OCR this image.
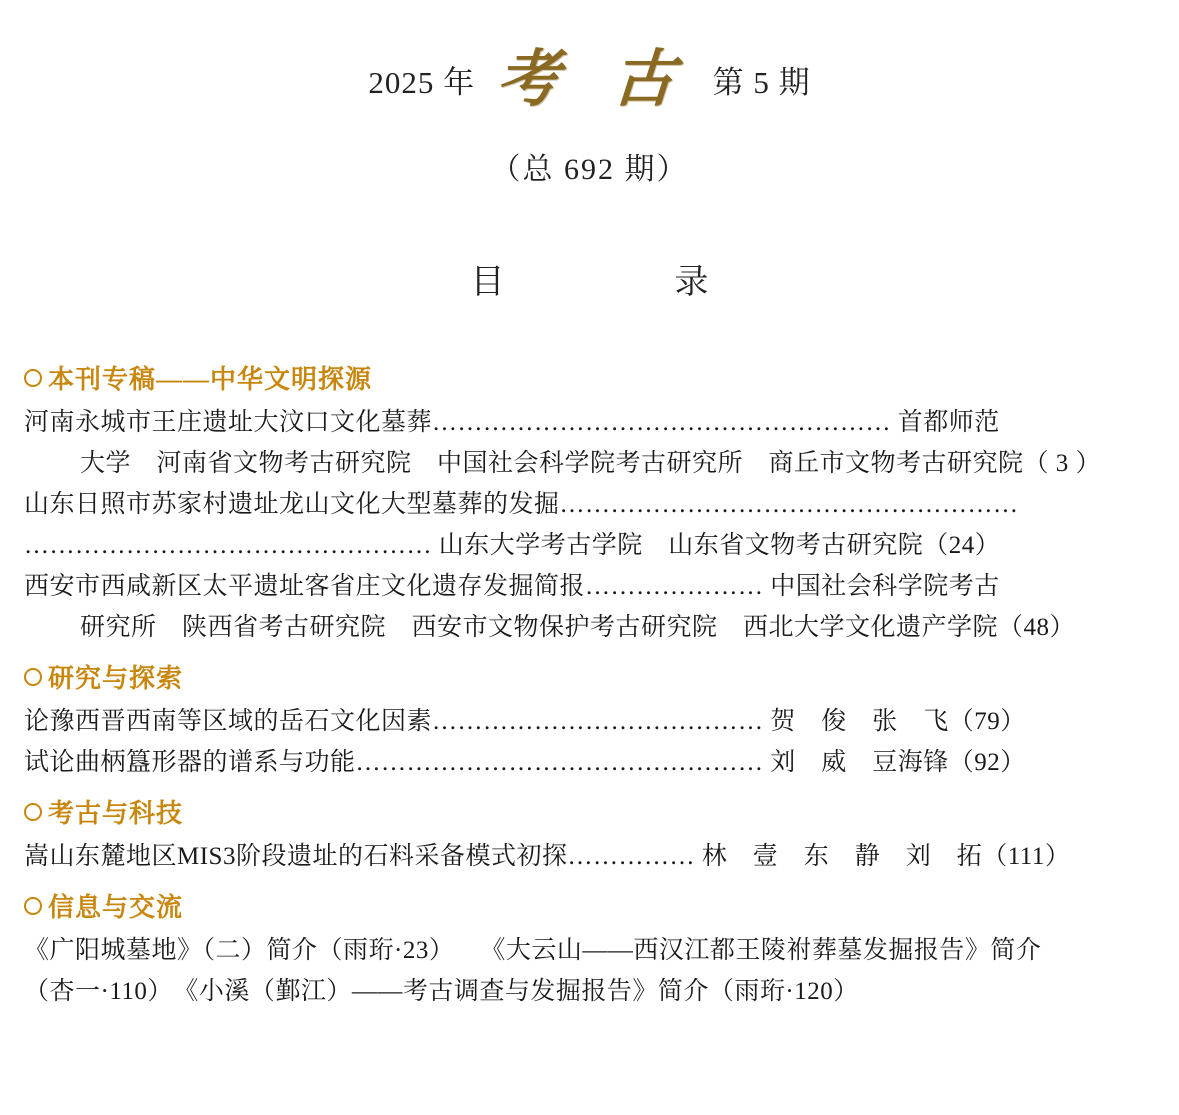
2025 年 考 古 第 5 期
（总 692 期）
目　　录
本刊专稿——中华文明探源
河南永城市王庄遗址大汶口文化墓葬……………………………………………… 首都师范
大学　河南省文物考古研究院　中国社会科学院考古研究所　商丘市文物考古研究院（ 3 ）
山东日照市苏家村遗址龙山文化大型墓葬的发掘………………………………………………
………………………………………… 山东大学考古学院　山东省文物考古研究院（24）
西安市西咸新区太平遗址客省庄文化遗存发掘简报………………… 中国社会科学院考古
研究所　陕西省考古研究院　西安市文物保护考古研究院　西北大学文化遗产学院（48）
研究与探索
论豫西晋西南等区域的岳石文化因素………………………………… 贺　俊　张　飞（79）
试论曲柄簋形器的谱系与功能………………………………………… 刘　威　豆海锋（92）
考古与科技
嵩山东麓地区MIS3阶段遗址的石料采备模式初探…………… 林　壹　东　静　刘　拓（111）
信息与交流
《广阳城墓地》（二）简介（雨珩·23）　　《大云山——西汉江都王陵祔葬墓发掘报告》简介
（杏一·110）　《小溪（鄞江）——考古调查与发掘报告》简介（雨珩·120）
